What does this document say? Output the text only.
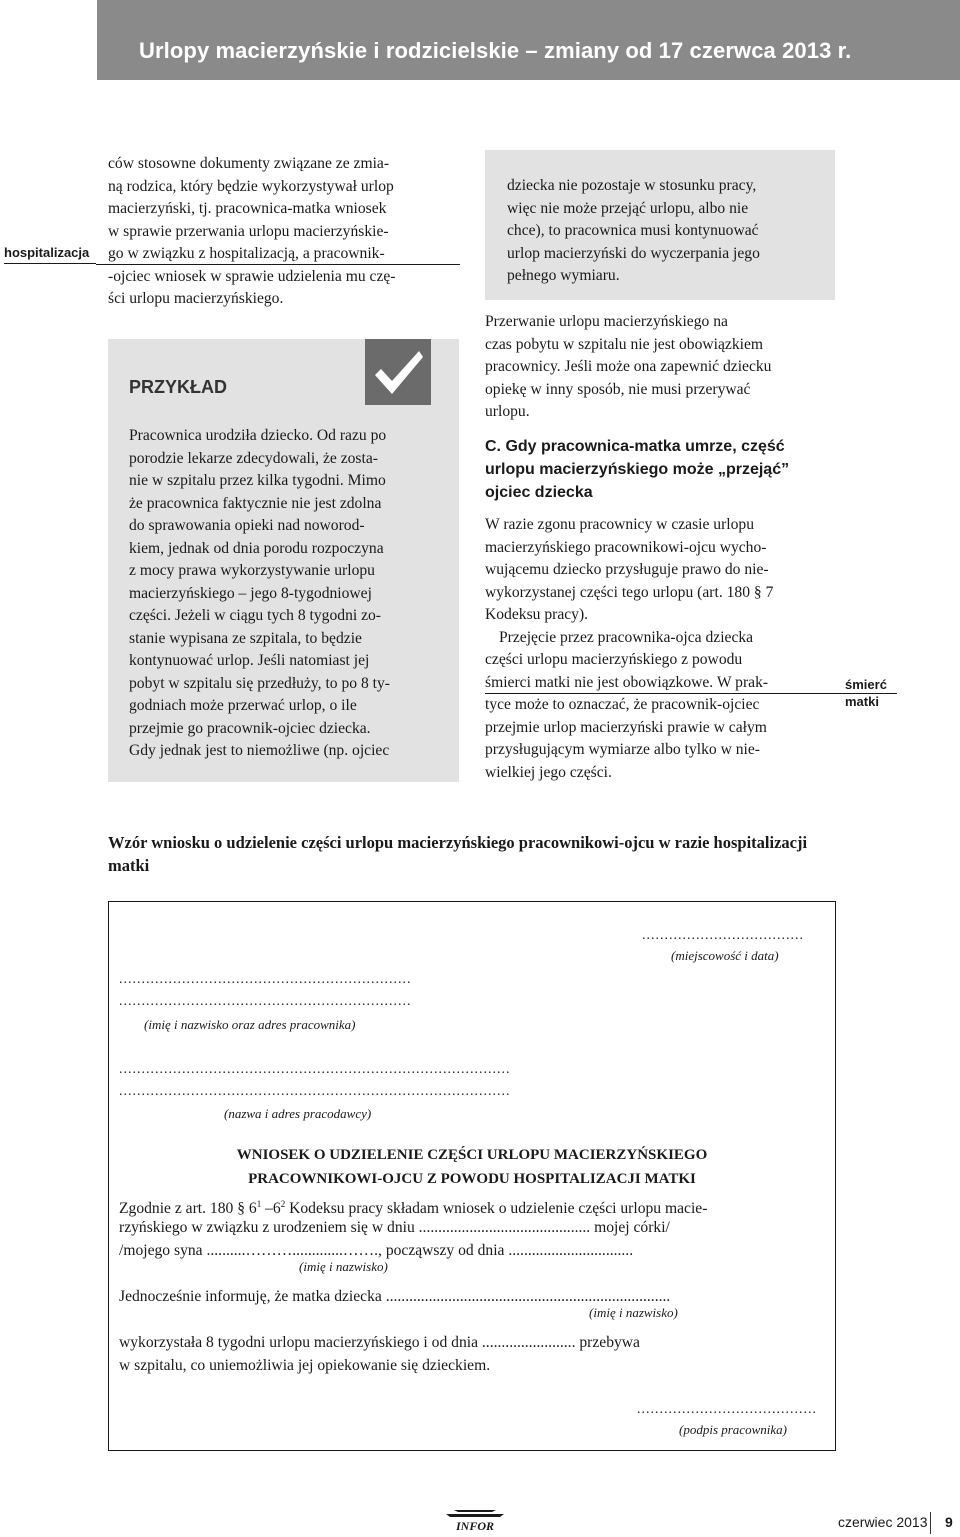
Urlopy macierzyńskie i rodzicielskie – zmiany od 17 czerwca 2013 r.
ców stosowne dokumenty związane ze zmia-
ną rodzica, który będzie wykorzystywał urlop
macierzyński, tj. pracownica-matka wniosek
w sprawie przerwania urlopu macierzyńskie-
go w związku z hospitalizacją, a pracownik-
-ojciec wniosek w sprawie udzielenia mu czę-
ści urlopu macierzyńskiego.
hospitalizacja
PRZYKŁAD
Pracownica urodziła dziecko. Od razu po
porodzie lekarze zdecydowali, że zosta-
nie w szpitalu przez kilka tygodni. Mimo
że pracownica faktycznie nie jest zdolna
do sprawowania opieki nad noworod-
kiem, jednak od dnia porodu rozpoczyna
z mocy prawa wykorzystywanie urlopu
macierzyńskiego – jego 8-tygodniowej
części. Jeżeli w ciągu tych 8 tygodni zo-
stanie wypisana ze szpitala, to będzie
kontynuować urlop. Jeśli natomiast jej
pobyt w szpitalu się przedłuży, to po 8 ty-
godniach może przerwać urlop, o ile
przejmie go pracownik-ojciec dziecka.
Gdy jednak jest to niemożliwe (np. ojciec
dziecka nie pozostaje w stosunku pracy,
więc nie może przejąć urlopu, albo nie
chce), to pracownica musi kontynuować
urlop macierzyński do wyczerpania jego
pełnego wymiaru.
Przerwanie urlopu macierzyńskiego na
czas pobytu w szpitalu nie jest obowiązkiem
pracownicy. Jeśli może ona zapewnić dziecku
opiekę w inny sposób, nie musi przerywać
urlopu.
C. Gdy pracownica-matka umrze, część
urlopu macierzyńskiego może „przejąć”
ojciec dziecka
W razie zgonu pracownicy w czasie urlopu
macierzyńskiego pracownikowi-ojcu wycho-
wującemu dziecko przysługuje prawo do nie-
wykorzystanej części tego urlopu (art. 180 § 7
Kodeksu pracy).
Przejęcie przez pracownika-ojca dziecka
części urlopu macierzyńskiego z powodu
śmierci matki nie jest obowiązkowe. W prak-
tyce może to oznaczać, że pracownik-ojciec
przejmie urlop macierzyński prawie w całym
przysługującym wymiarze albo tylko w nie-
wielkiej jego części.
śmierć
matki
Wzór wniosku o udzielenie części urlopu macierzyńskiego pracownikowi-ojcu w razie hospitalizacji matki
....................................
(miejscowość i data)
.................................................................
.................................................................
(imię i nazwisko oraz adres pracownika)
.......................................................................................
.......................................................................................
(nazwa i adres pracodawcy)
WNIOSEK O UDZIELENIE CZĘŚCI URLOPU MACIERZYŃSKIEGO
PRACOWNIKOWI-OJCU Z POWODU HOSPITALIZACJI MATKI
Zgodnie z art. 180 § $6^1$ $-6^2$ Kodeksu pracy składam wniosek o udzielenie części urlopu macie-
rzyńskiego w związku z urodzeniem się w dniu ............................................ mojej córki/
/mojego syna ..........……….............……., począwszy od dnia ................................
(imię i nazwisko)
Jednocześnie informuję, że matka dziecka .........................................................................
(imię i nazwisko)
wykorzystała 8 tygodni urlopu macierzyńskiego i od dnia ........................ przebywa
w szpitalu, co uniemożliwia jej opiekowanie się dzieckiem.
........................................
(podpis pracownika)
INFOR	czerwiec 2013 9
